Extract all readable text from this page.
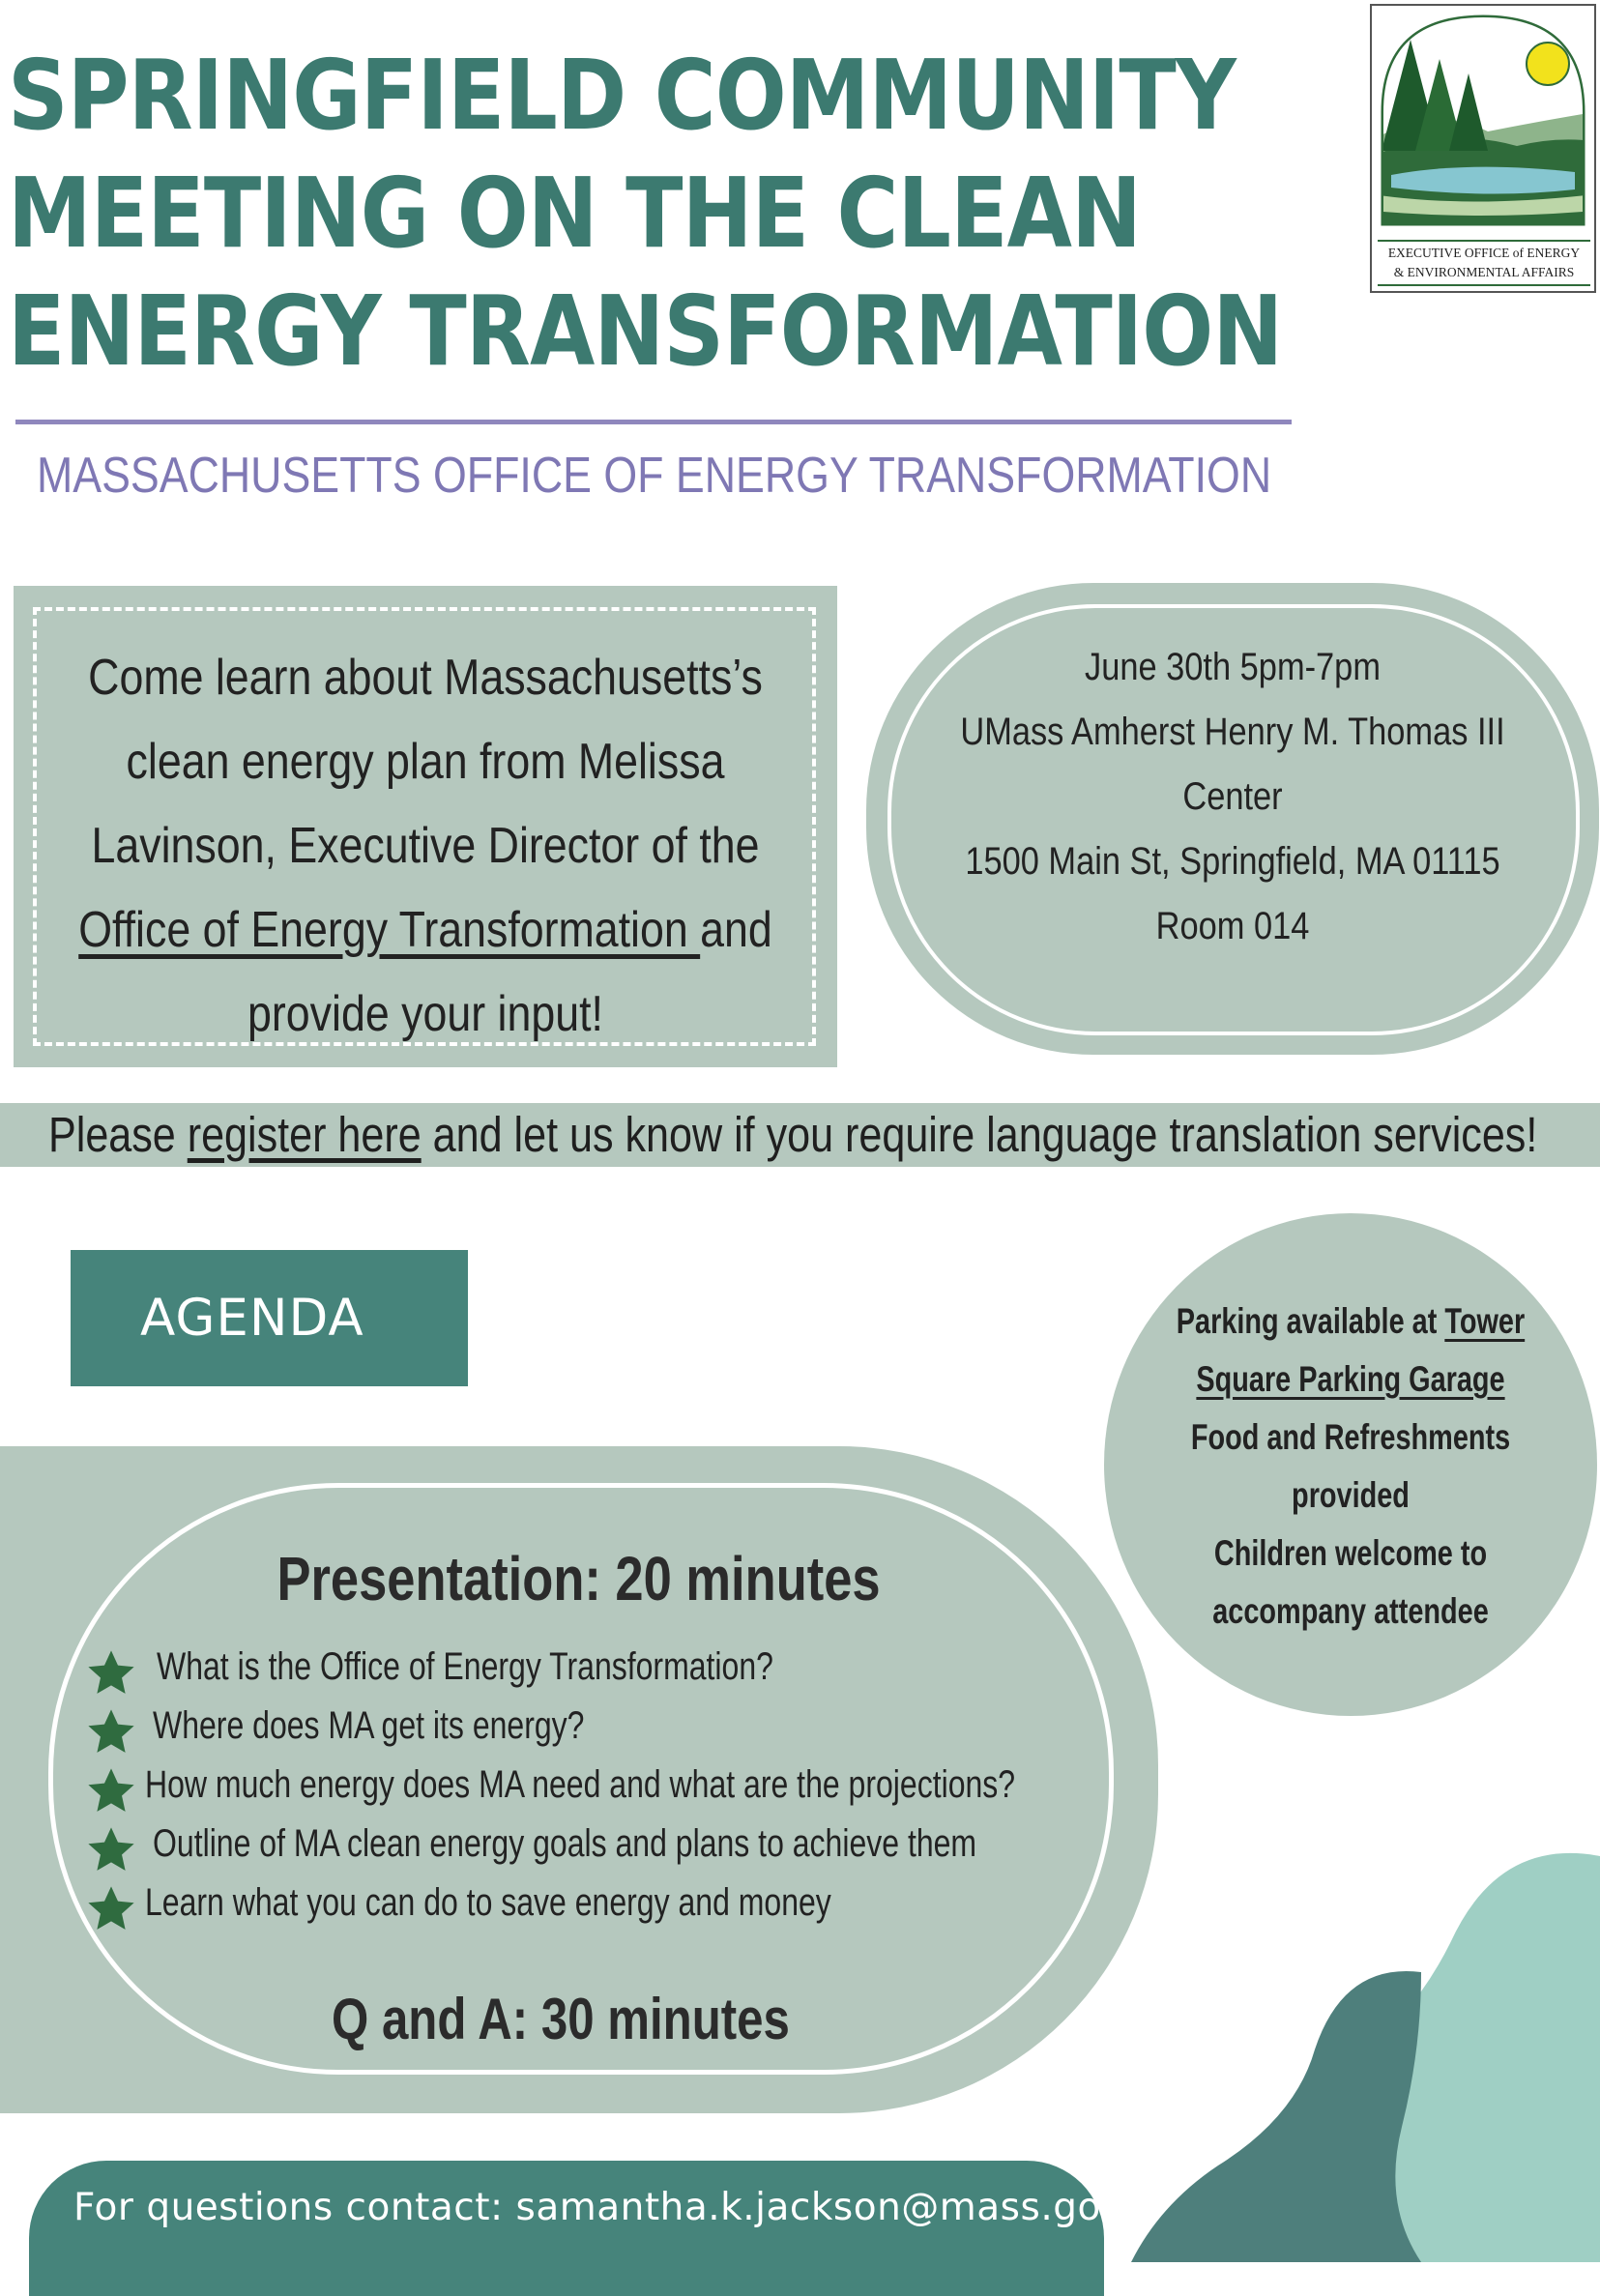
SPRINGFIELD COMMUNITY
MEETING ON THE CLEAN
ENERGY TRANSFORMATION
EXECUTIVE OFFICE of ENERGY
& ENVIRONMENTAL AFFAIRS
MASSACHUSETTS OFFICE OF ENERGY TRANSFORMATION
Come learn about Massachusetts’s
clean energy plan from Melissa
Lavinson, Executive Director of the
Office of Energy Transformation and
provide your input!
June 30th 5pm-7pm
UMass Amherst Henry M. Thomas III
Center
1500 Main St, Springfield, MA 01115
Room 014
Please register here and let us know if you require language translation services!
AGENDA	Parking available at Tower
Square Parking Garage
Food and Refreshments
provided
Children welcome to
accompany attendee
Presentation: 20 minutes
What is the Office of Energy Transformation?
Where does MA get its energy?
How much energy does MA need and what are the projections?
Outline of MA clean energy goals and plans to achieve them
Learn what you can do to save energy and money
Q and A: 30 minutes
For questions contact: samantha.k.jackson@mass.gov
